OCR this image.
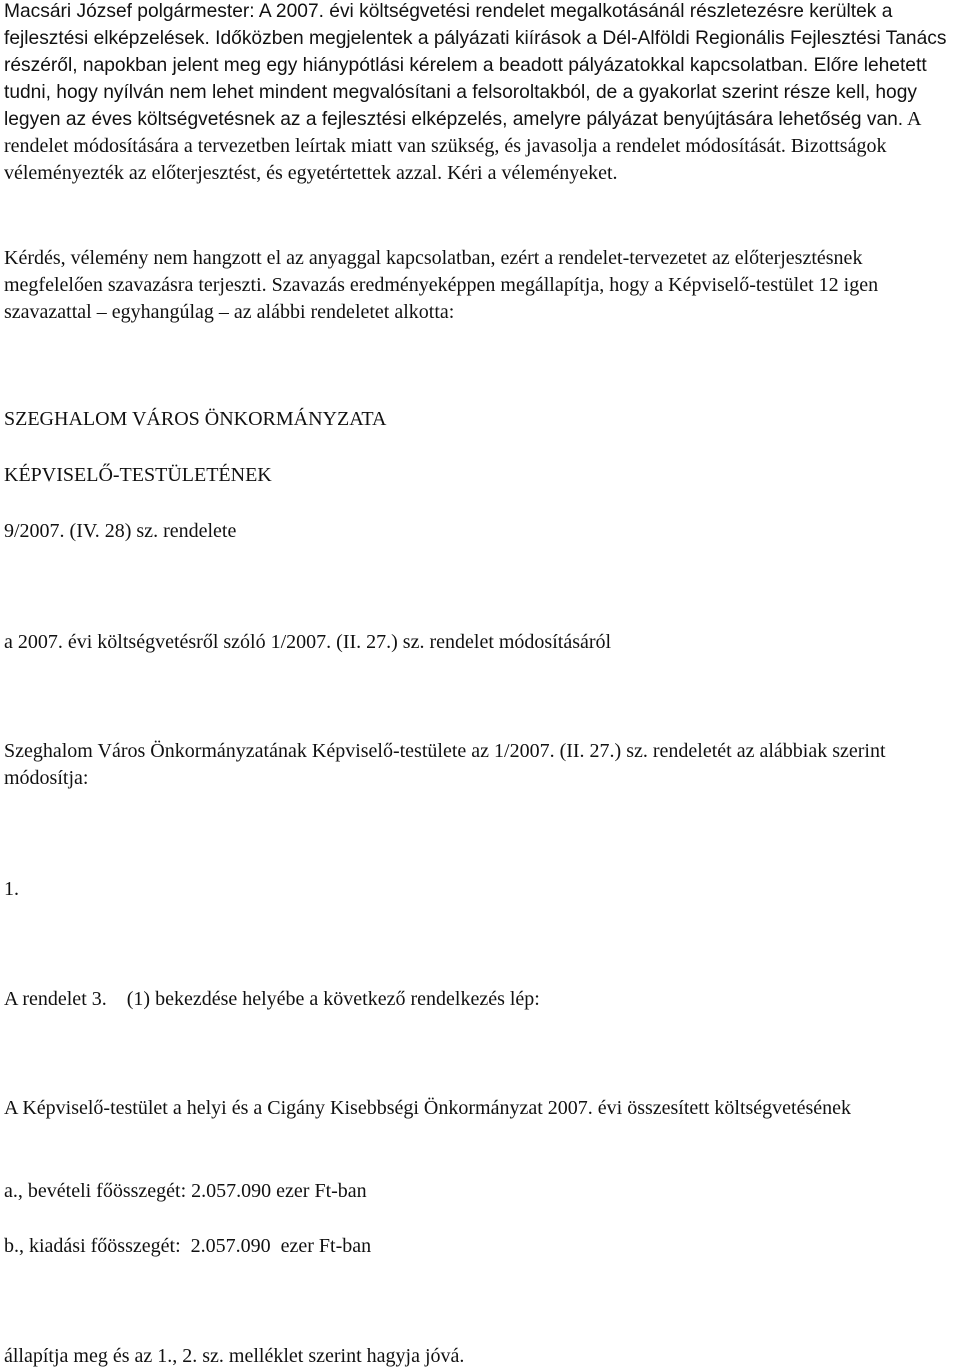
Macsári József polgármester: A 2007. évi költségvetési rendelet megalkotásánál részletezésre kerültek a fejlesztési elképzelések. Időközben megjelentek a pályázati kiírások a Dél-Alföldi Regionális Fejlesztési Tanács részéről, napokban jelent meg egy hiánypótlási kérelem a beadott pályázatokkal kapcsolatban. Előre lehetett tudni, hogy nyílván nem lehet mindent megvalósítani a felsoroltakból, de a gyakorlat szerint része kell, hogy legyen az éves költségvetésnek az a fejlesztési elképzelés, amelyre pályázat benyújtására lehetőség van. A rendelet módosítására a tervezetben leírtak miatt van szükség, és javasolja a rendelet módosítását. Bizottságok véleményezték az előterjesztést, és egyetértettek azzal. Kéri a véleményeket.

Kérdés, vélemény nem hangzott el az anyaggal kapcsolatban, ezért a rendelet-tervezetet az előterjesztésnek megfelelően szavazásra terjeszti. Szavazás eredményeképpen megállapítja, hogy a Képviselő-testület 12 igen szavazattal – egyhangúlag – az alábbi rendeletet alkotta:

SZEGHALOM VÁROS ÖNKORMÁNYZATA

KÉPVISELŐ-TESTÜLETÉNEK

9/2007. (IV. 28) sz. rendelete

a 2007. évi költségvetésről szóló 1/2007. (II. 27.) sz. rendelet módosításáról

Szeghalom Város Önkormányzatának Képviselő-testülete az 1/2007. (II. 27.) sz. rendeletét az alábbiak szerint módosítja:

1.

A rendelet 3. (1) bekezdése helyébe a következő rendelkezés lép:

A Képviselő-testület a helyi és a Cigány Kisebbségi Önkormányzat 2007. évi összesített költségvetésének

a., bevételi főösszegét: 2.057.090 ezer Ft-ban

b., kiadási főösszegét:  2.057.090  ezer Ft-ban

állapítja meg és az 1., 2. sz. melléklet szerint hagyja jóvá.
